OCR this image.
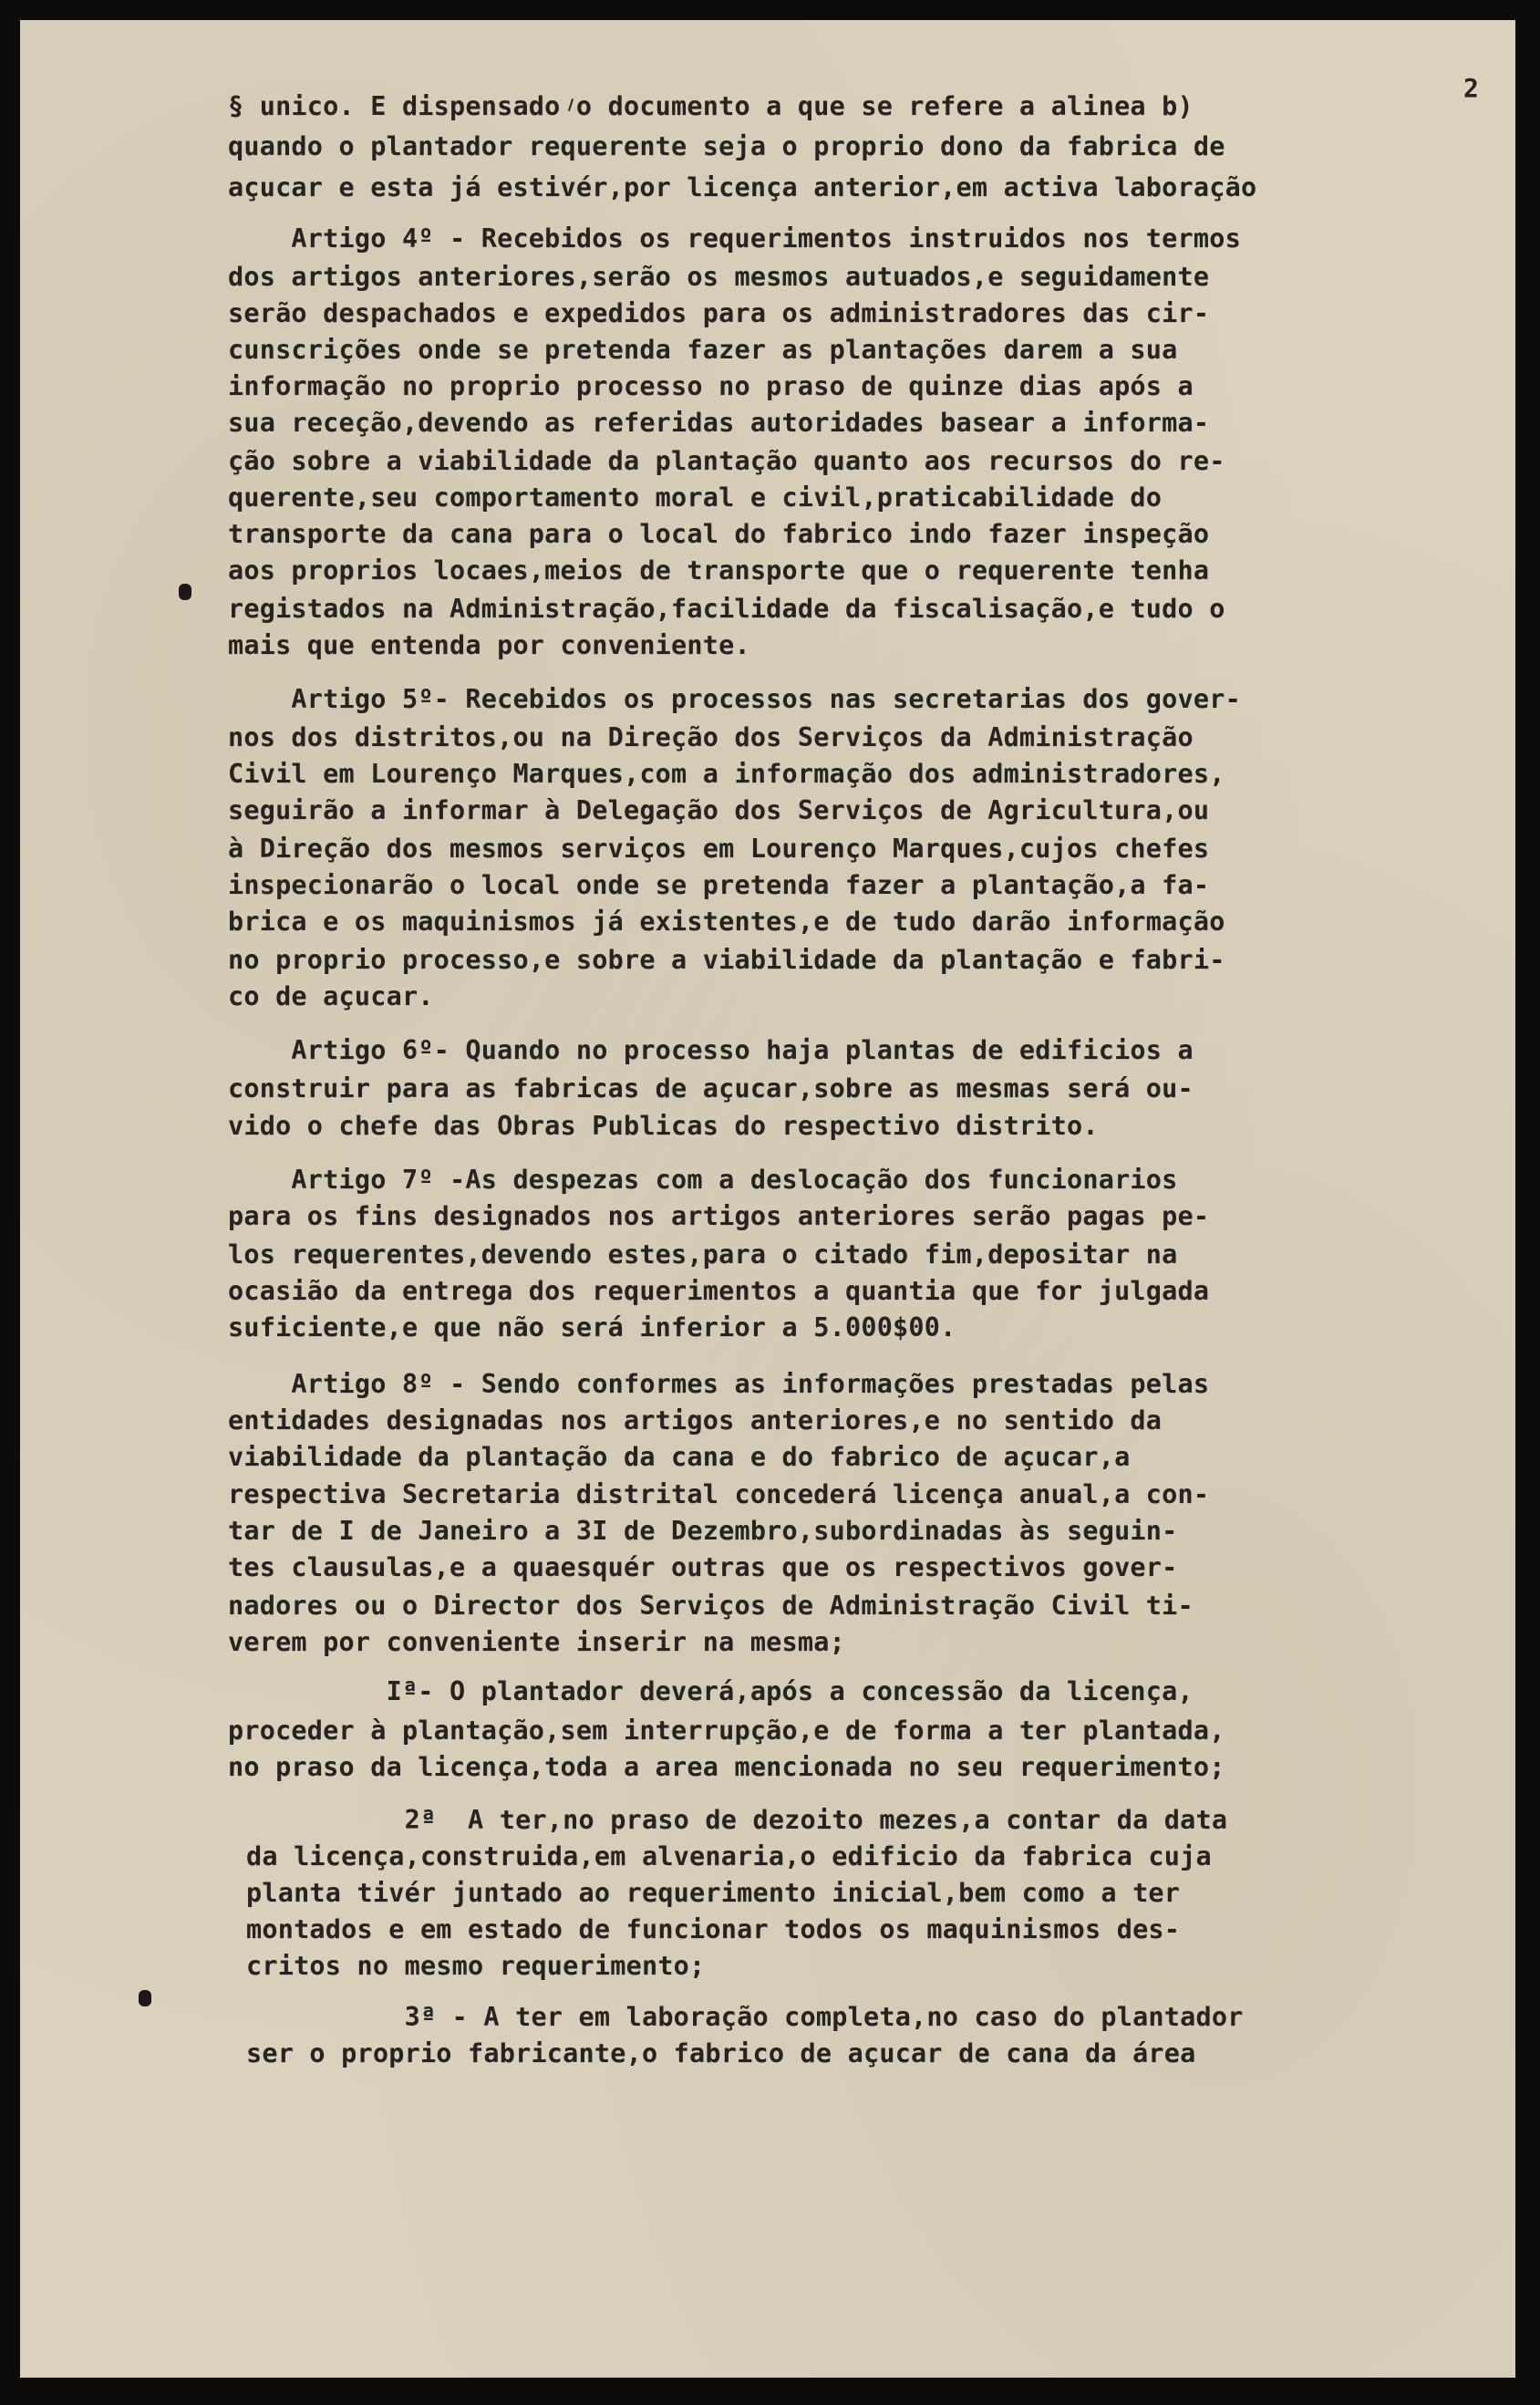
2
§ unico. E dispensado o documento a que se refere a alinea b)
quando o plantador requerente seja o proprio dono da fabrica de
açucar e esta já estivér,por licença anterior,em activa laboração
Artigo 4º - Recebidos os requerimentos instruidos nos termos
dos artigos anteriores,serão os mesmos autuados,e seguidamente
serão despachados e expedidos para os administradores das cir-
cunscrições onde se pretenda fazer as plantações darem a sua
informação no proprio processo no praso de quinze dias após a
sua receção,devendo as referidas autoridades basear a informa-
ção sobre a viabilidade da plantação quanto aos recursos do re-
querente,seu comportamento moral e civil,praticabilidade do
transporte da cana para o local do fabrico indo fazer inspeção
aos proprios locaes,meios de transporte que o requerente tenha
registados na Administração,facilidade da fiscalisação,e tudo o
mais que entenda por conveniente.
Artigo 5º- Recebidos os processos nas secretarias dos gover-
nos dos distritos,ou na Direção dos Serviços da Administração
Civil em Lourenço Marques,com a informação dos administradores,
seguirão a informar à Delegação dos Serviços de Agricultura,ou
à Direção dos mesmos serviços em Lourenço Marques,cujos chefes
inspecionarão o local onde se pretenda fazer a plantação,a fa-
brica e os maquinismos já existentes,e de tudo darão informação
no proprio processo,e sobre a viabilidade da plantação e fabri-
co de açucar.
Artigo 6º- Quando no processo haja plantas de edificios a
construir para as fabricas de açucar,sobre as mesmas será ou-
vido o chefe das Obras Publicas do respectivo distrito.
Artigo 7º -As despezas com a deslocação dos funcionarios
para os fins designados nos artigos anteriores serão pagas pe-
los requerentes,devendo estes,para o citado fim,depositar na
ocasião da entrega dos requerimentos a quantia que for julgada
suficiente,e que não será inferior a 5.000$00.
Artigo 8º - Sendo conformes as informações prestadas pelas
entidades designadas nos artigos anteriores,e no sentido da
viabilidade da plantação da cana e do fabrico de açucar,a
respectiva Secretaria distrital concederá licença anual,a con-
tar de I de Janeiro a 3I de Dezembro,subordinadas às seguin-
tes clausulas,e a quaesquér outras que os respectivos gover-
nadores ou o Director dos Serviços de Administração Civil ti-
verem por conveniente inserir na mesma;
Iª- O plantador deverá,após a concessão da licença,
proceder à plantação,sem interrupção,e de forma a ter plantada,
no praso da licença,toda a area mencionada no seu requerimento;
2ª  A ter,no praso de dezoito mezes,a contar da data
da licença,construida,em alvenaria,o edificio da fabrica cuja
planta tivér juntado ao requerimento inicial,bem como a ter
montados e em estado de funcionar todos os maquinismos des-
critos no mesmo requerimento;
3ª - A ter em laboração completa,no caso do plantador
ser o proprio fabricante,o fabrico de açucar de cana da área
